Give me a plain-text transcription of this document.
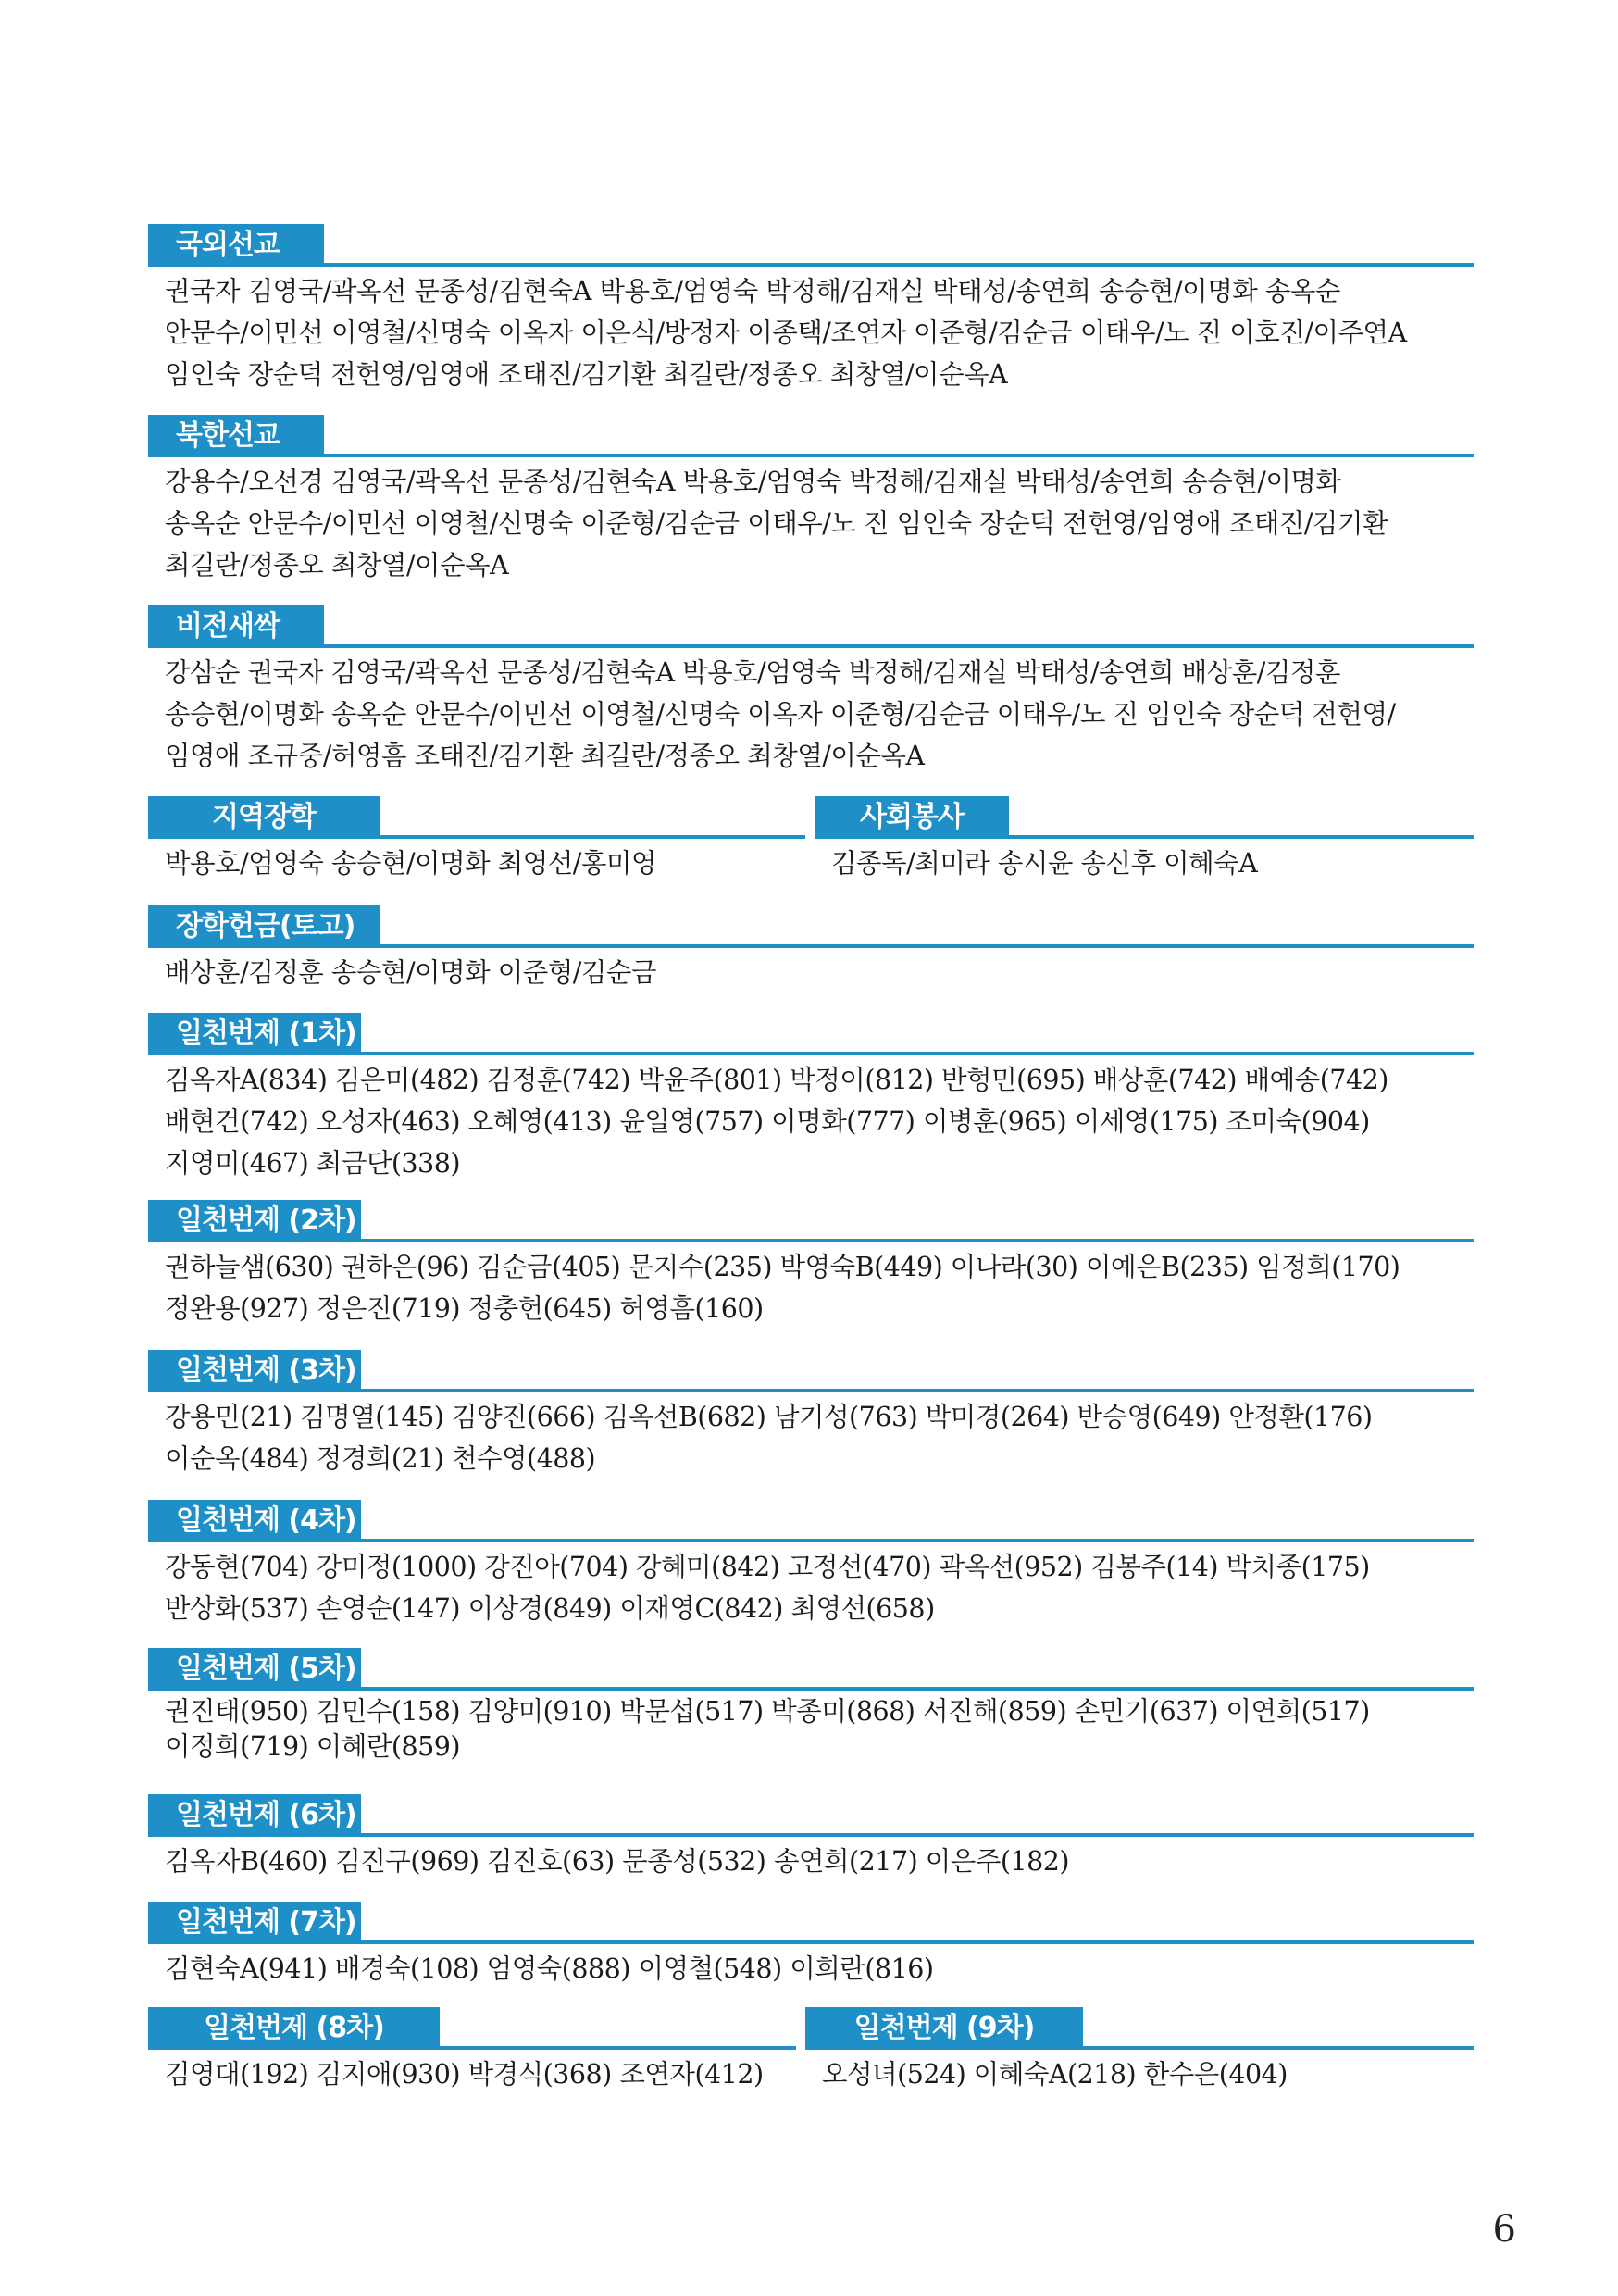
국외선교
권국자 김영국/곽옥선 문종성/김현숙A 박용호/엄영숙 박정해/김재실 박태성/송연희 송승현/이명화 송옥순
안문수/이민선 이영철/신명숙 이옥자 이은식/방정자 이종택/조연자 이준형/김순금 이태우/노 진 이호진/이주연A
임인숙 장순덕 전헌영/임영애 조태진/김기환 최길란/정종오 최창열/이순옥A
북한선교
강용수/오선경 김영국/곽옥선 문종성/김현숙A 박용호/엄영숙 박정해/김재실 박태성/송연희 송승현/이명화
송옥순 안문수/이민선 이영철/신명숙 이준형/김순금 이태우/노 진 임인숙 장순덕 전헌영/임영애 조태진/김기환
최길란/정종오 최창열/이순옥A
비전새싹
강삼순 권국자 김영국/곽옥선 문종성/김현숙A 박용호/엄영숙 박정해/김재실 박태성/송연희 배상훈/김정훈
송승현/이명화 송옥순 안문수/이민선 이영철/신명숙 이옥자 이준형/김순금 이태우/노 진 임인숙 장순덕 전헌영/
임영애 조규중/허영흠 조태진/김기환 최길란/정종오 최창열/이순옥A
지역장학
박용호/엄영숙 송승현/이명화 최영선/홍미영
사회봉사
김종독/최미라 송시윤 송신후 이혜숙A
장학헌금(토고)
배상훈/김정훈 송승현/이명화 이준형/김순금
일천번제 (1차)
김옥자A(834) 김은미(482) 김정훈(742) 박윤주(801) 박정이(812) 반형민(695) 배상훈(742) 배예송(742)
배현건(742) 오성자(463) 오혜영(413) 윤일영(757) 이명화(777) 이병훈(965) 이세영(175) 조미숙(904)
지영미(467) 최금단(338)
일천번제 (2차)
권하늘샘(630) 권하은(96) 김순금(405) 문지수(235) 박영숙B(449) 이나라(30) 이예은B(235) 임정희(170)
정완용(927) 정은진(719) 정충헌(645) 허영흠(160)
일천번제 (3차)
강용민(21) 김명열(145) 김양진(666) 김옥선B(682) 남기성(763) 박미경(264) 반승영(649) 안정환(176)
이순옥(484) 정경희(21) 천수영(488)
일천번제 (4차)
강동현(704) 강미정(1000) 강진아(704) 강혜미(842) 고정선(470) 곽옥선(952) 김봉주(14) 박치종(175)
반상화(537) 손영순(147) 이상경(849) 이재영C(842) 최영선(658)
일천번제 (5차)
권진태(950) 김민수(158) 김양미(910) 박문섭(517) 박종미(868) 서진해(859) 손민기(637) 이연희(517)
이정희(719) 이혜란(859)
일천번제 (6차)
김옥자B(460) 김진구(969) 김진호(63) 문종성(532) 송연희(217) 이은주(182)
일천번제 (7차)
김현숙A(941) 배경숙(108) 엄영숙(888) 이영철(548) 이희란(816)
일천번제 (8차)
김영대(192) 김지애(930) 박경식(368) 조연자(412)
일천번제 (9차)
오성녀(524) 이혜숙A(218) 한수은(404)
6
